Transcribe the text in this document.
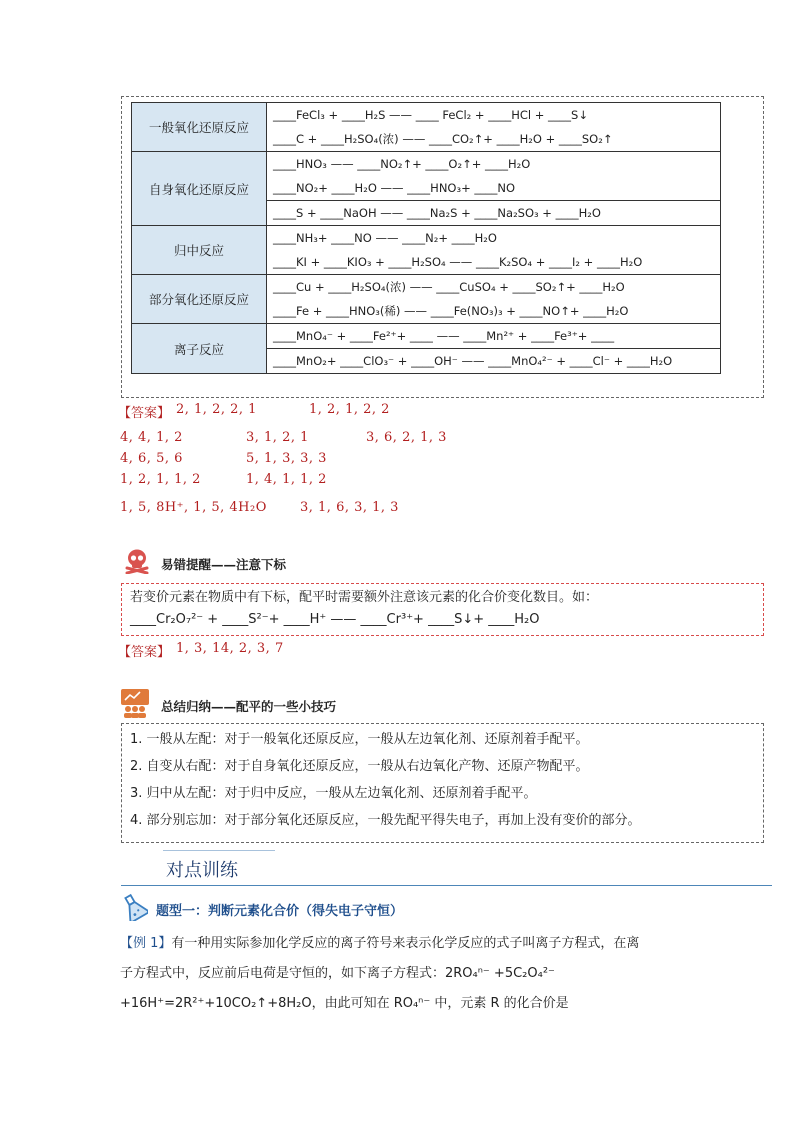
一般氧化还原反应	____FeCl₃ + ____H₂S —— ____ FeCl₂ + ____HCl + ____S↓
____C + ____H₂SO₄(浓) —— ____CO₂↑+ ____H₂O + ____SO₂↑

自身氧化还原反应	____HNO₃ —— ____NO₂↑+ ____O₂↑+ ____H₂O
____NO₂+ ____H₂O —— ____HNO₃+ ____NO

	____S + ____NaOH —— ____Na₂S + ____Na₂SO₃ + ____H₂O

归中反应	____NH₃+ ____NO —— ____N₂+ ____H₂O
____KI + ____KIO₃ + ____H₂SO₄ —— ____K₂SO₄ + ____I₂ + ____H₂O

部分氧化还原反应	____Cu + ____H₂SO₄(浓) —— ____CuSO₄ + ____SO₂↑+ ____H₂O
____Fe + ____HNO₃(稀) —— ____Fe(NO₃)₃ + ____NO↑+ ____H₂O

离子反应	____MnO₄⁻ + ____Fe²⁺+ ____ —— ____Mn²⁺ + ____Fe³⁺+ ____

	____MnO₂+ ____ClO₃⁻ + ____OH⁻ —— ____MnO₄²⁻ + ____Cl⁻ + ____H₂O
【答案】 2, 1, 2, 2, 1	1, 2, 1, 2, 2
4, 4, 1, 2	3, 1, 2, 1	3, 6, 2, 1, 3
4, 6, 5, 6	5, 1, 3, 3, 3
1, 2, 1, 1, 2	1, 4, 1, 1, 2
1, 5, 8H⁺, 1, 5, 4H₂O	3, 1, 6, 3, 1, 3
易错提醒——注意下标
若变价元素在物质中有下标，配平时需要额外注意该元素的化合价变化数目。如：
____Cr₂O₇²⁻ + ____S²⁻+ ____H⁺ —— ____Cr³⁺+ ____S↓+ ____H₂O
【答案】 1, 3, 14, 2, 3, 7
总结归纳——配平的一些小技巧
1. 一般从左配：对于一般氧化还原反应，一般从左边氧化剂、还原剂着手配平。
2. 自变从右配：对于自身氧化还原反应，一般从右边氧化产物、还原产物配平。
3. 归中从左配：对于归中反应，一般从左边氧化剂、还原剂着手配平。
4. 部分别忘加：对于部分氧化还原反应，一般先配平得失电子，再加上没有变价的部分。
对点训练
题型一：判断元素化合价（得失电子守恒）
【例 1】有一种用实际参加化学反应的离子符号来表示化学反应的式子叫离子方程式，在离
子方程式中，反应前后电荷是守恒的，如下离子方程式：2RO₄ⁿ⁻ +5C₂O₄²⁻
+16H⁺=2R²⁺+10CO₂↑+8H₂O，由此可知在 RO₄ⁿ⁻ 中，元素 R 的化合价是
